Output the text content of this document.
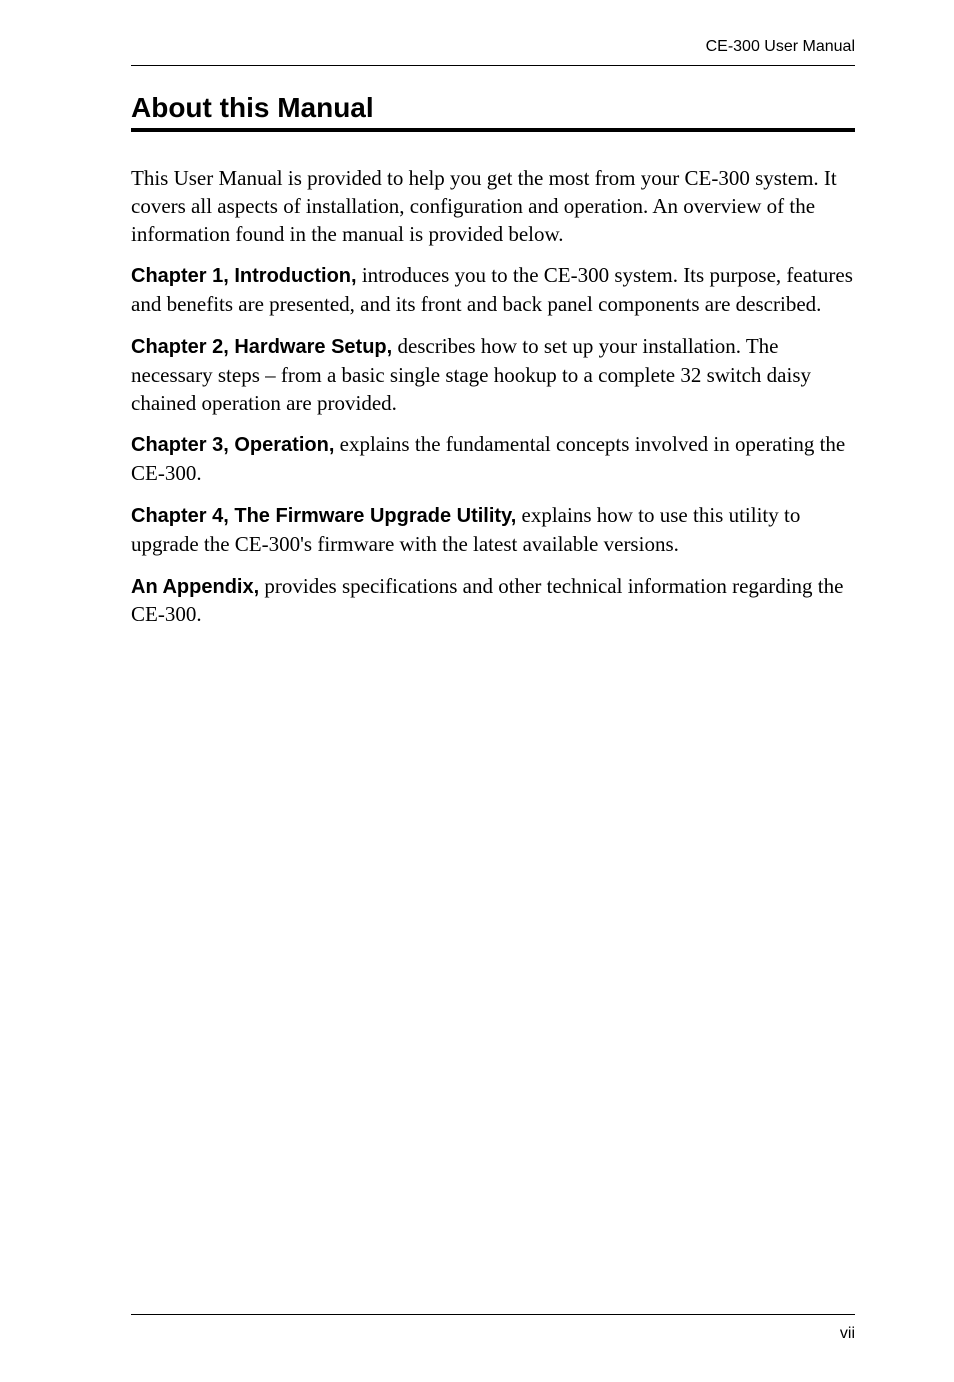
CE-300 User Manual
About this Manual

This User Manual is provided to help you get the most from your CE-300 system. It covers all aspects of installation, configuration and operation. An overview of the information found in the manual is provided below.

Chapter 1, Introduction, introduces you to the CE-300 system. Its purpose, features and benefits are presented, and its front and back panel components are described.

Chapter 2, Hardware Setup, describes how to set up your installation. The necessary steps – from a basic single stage hookup to a complete 32 switch daisy chained operation are provided.

Chapter 3, Operation, explains the fundamental concepts involved in operating the CE-300.

Chapter 4, The Firmware Upgrade Utility, explains how to use this utility to upgrade the CE-300's firmware with the latest available versions.

An Appendix, provides specifications and other technical information regarding the CE-300.

vii
